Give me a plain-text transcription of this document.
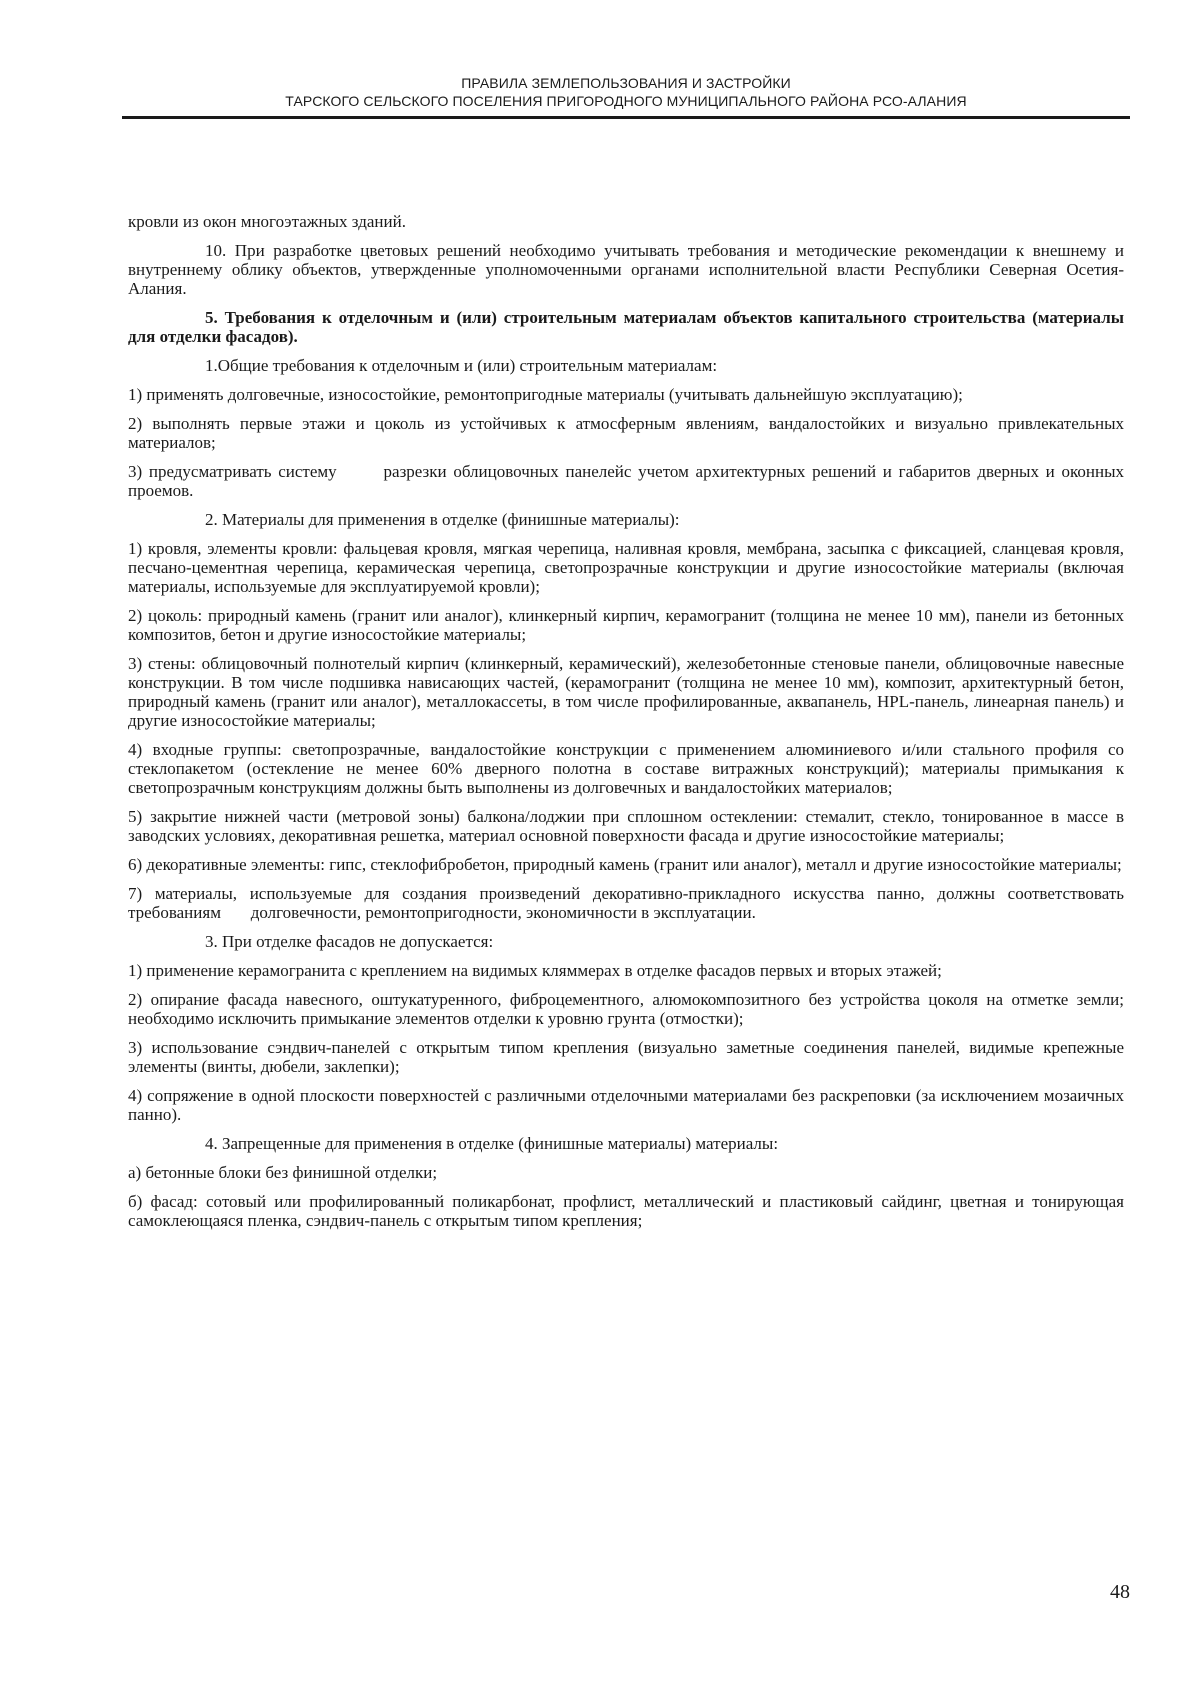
ПРАВИЛА ЗЕМЛЕПОЛЬЗОВАНИЯ И ЗАСТРОЙКИ
ТАРСКОГО СЕЛЬСКОГО ПОСЕЛЕНИЯ ПРИГОРОДНОГО МУНИЦИПАЛЬНОГО РАЙОНА РСО-АЛАНИЯ

кровли из окон многоэтажных зданий.

10. При разработке цветовых решений необходимо учитывать требования и методические рекомендации к внешнему и внутреннему облику объектов, утвержденные уполномоченными органами исполнительной власти Республики Северная Осетия-Алания.

5. Требования к отделочным и (или) строительным материалам объектов капитального строительства (материалы для отделки фасадов).

1.Общие требования к отделочным и (или) строительным материалам:

1) применять долговечные, износостойкие, ремонтопригодные материалы (учитывать дальнейшую эксплуатацию);

2) выполнять первые этажи и цоколь из устойчивых к атмосферным явлениям, вандалостойких и визуально привлекательных материалов;

3) предусматривать систему       разрезки облицовочных панелейс учетом архитектурных решений и габаритов дверных и оконных проемов.

2. Материалы для применения в отделке (финишные материалы):

1) кровля, элементы кровли: фальцевая кровля, мягкая черепица, наливная кровля, мембрана, засыпка с фиксацией, сланцевая кровля, песчано-цементная черепица, керамическая черепица, светопрозрачные конструкции и другие износостойкие материалы (включая материалы, используемые для эксплуатируемой кровли);

2) цоколь: природный камень (гранит или аналог), клинкерный кирпич, керамогранит (толщина не менее 10 мм), панели из бетонных композитов, бетон и другие износостойкие материалы;

3) стены: облицовочный полнотелый кирпич (клинкерный, керамический), железобетонные стеновые панели, облицовочные навесные конструкции. В том числе подшивка нависающих частей, (керамогранит (толщина не менее 10 мм), композит, архитектурный бетон, природный камень (гранит или аналог), металлокассеты, в том числе профилированные, аквапанель, HPL-панель, линеарная панель) и другие износостойкие материалы;

4) входные группы: светопрозрачные, вандалостойкие конструкции с применением алюминиевого и/или стального профиля со стеклопакетом (остекление не менее 60% дверного полотна в составе витражных конструкций); материалы примыкания к светопрозрачным конструкциям должны быть выполнены из долговечных и вандалостойких материалов;

5) закрытие нижней части (метровой зоны) балкона/лоджии при сплошном остеклении: стемалит, стекло, тонированное в массе в заводских условиях, декоративная решетка, материал основной поверхности фасада и другие износостойкие материалы;

6) декоративные элементы: гипс, стеклофибробетон, природный камень (гранит или аналог), металл и другие износостойкие материалы;

7) материалы, используемые для создания произведений декоративно-прикладного искусства панно, должны соответствовать требованиям       долговечности, ремонтопригодности, экономичности в эксплуатации.

3. При отделке фасадов не допускается:

1) применение керамогранита с креплением на видимых кляммерах в отделке фасадов первых и вторых этажей;

2) опирание фасада навесного, оштукатуренного, фиброцементного, алюмокомпозитного без устройства цоколя на отметке земли; необходимо исключить примыкание элементов отделки к уровню грунта (отмостки);

3) использование сэндвич-панелей с открытым типом крепления (визуально заметные соединения панелей, видимые крепежные элементы (винты, дюбели, заклепки);

4) сопряжение в одной плоскости поверхностей с различными отделочными материалами без раскреповки (за исключением мозаичных панно).

4. Запрещенные для применения в отделке (финишные материалы) материалы:

а) бетонные блоки без финишной отделки;

б) фасад: сотовый или профилированный поликарбонат, профлист, металлический и пластиковый сайдинг, цветная и тонирующая самоклеющаяся пленка, сэндвич-панель с открытым типом крепления;

48
